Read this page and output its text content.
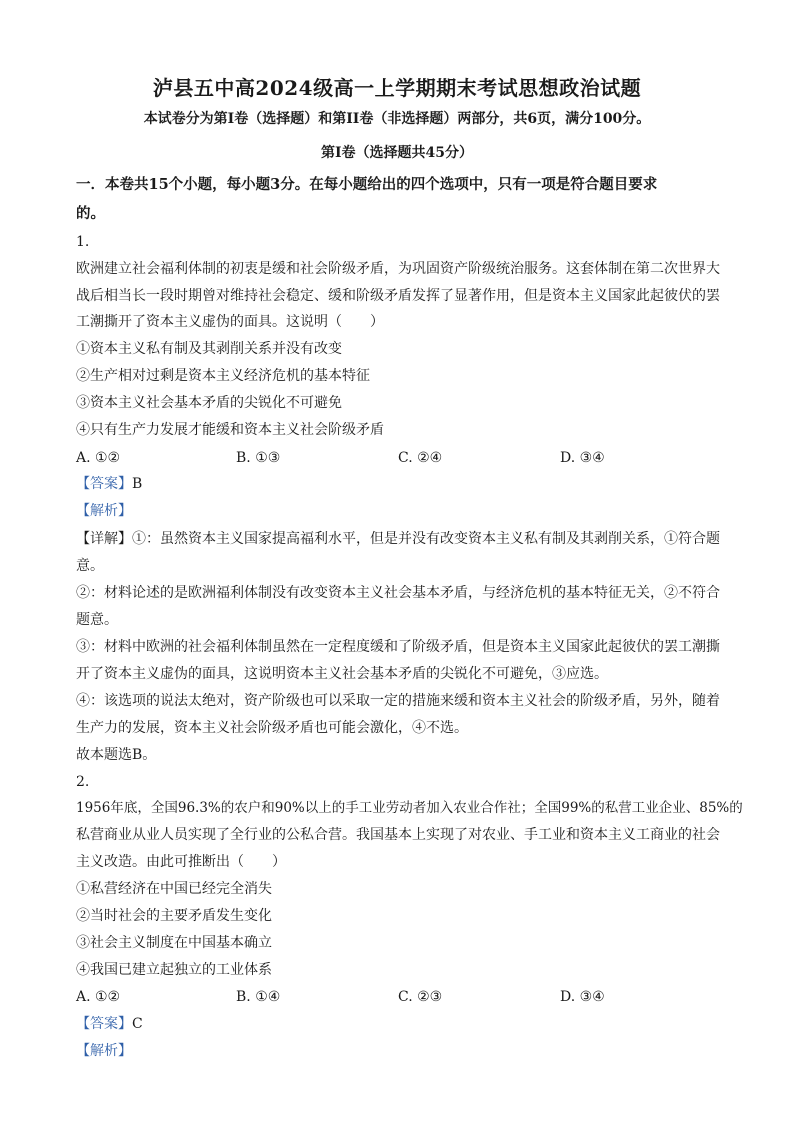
泸县五中高2024级高一上学期期末考试思想政治试题
本试卷分为第I卷（选择题）和第II卷（非选择题）两部分，共6页，满分100分。
第I卷（选择题共45分）
一．本卷共15个小题，每小题3分。在每小题给出的四个选项中，只有一项是符合题目要求
的。
1.
欧洲建立社会福利体制的初衷是缓和社会阶级矛盾，为巩固资产阶级统治服务。这套体制在第二次世界大
战后相当长一段时期曾对维持社会稳定、缓和阶级矛盾发挥了显著作用，但是资本主义国家此起彼伏的罢
工潮撕开了资本主义虚伪的面具。这说明（　　）
①资本主义私有制及其剥削关系并没有改变
②生产相对过剩是资本主义经济危机的基本特征
③资本主义社会基本矛盾的尖锐化不可避免
④只有生产力发展才能缓和资本主义社会阶级矛盾
A. ①②	B. ①③	C. ②④	D. ③④
【答案】B
【解析】
【详解】①：虽然资本主义国家提高福利水平，但是并没有改变资本主义私有制及其剥削关系，①符合题
意。
②：材料论述的是欧洲福利体制没有改变资本主义社会基本矛盾，与经济危机的基本特征无关，②不符合
题意。
③：材料中欧洲的社会福利体制虽然在一定程度缓和了阶级矛盾，但是资本主义国家此起彼伏的罢工潮撕
开了资本主义虚伪的面具，这说明资本主义社会基本矛盾的尖锐化不可避免，③应选。
④：该选项的说法太绝对，资产阶级也可以采取一定的措施来缓和资本主义社会的阶级矛盾，另外，随着
生产力的发展，资本主义社会阶级矛盾也可能会激化，④不选。
故本题选B。
2.
1956年底，全国96.3%的农户和90%以上的手工业劳动者加入农业合作社；全国99%的私营工业企业、85%的
私营商业从业人员实现了全行业的公私合营。我国基本上实现了对农业、手工业和资本主义工商业的社会
主义改造。由此可推断出（　　）
①私营经济在中国已经完全消失
②当时社会的主要矛盾发生变化
③社会主义制度在中国基本确立
④我国已建立起独立的工业体系
A. ①②	B. ①④	C. ②③	D. ③④
【答案】C
【解析】
